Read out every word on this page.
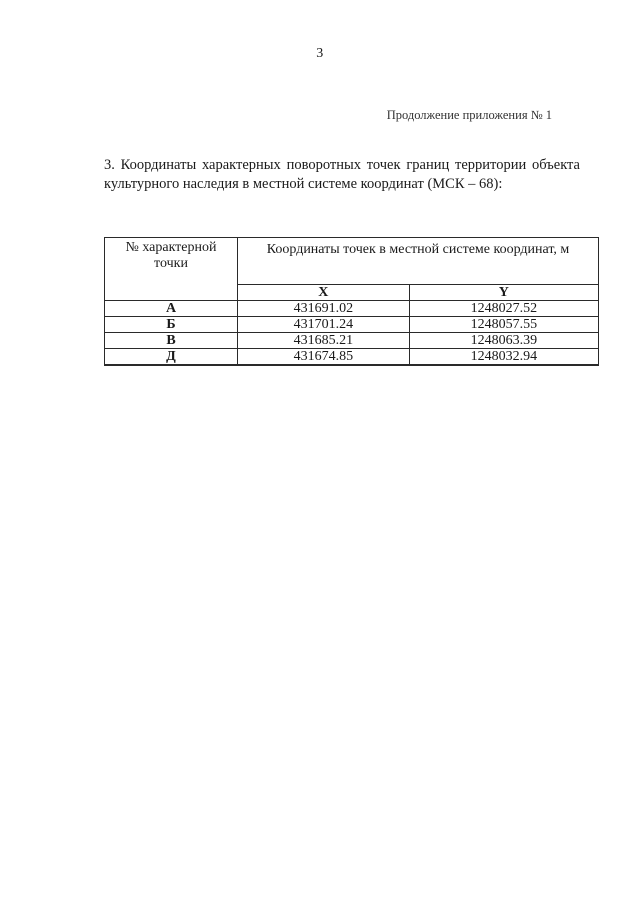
3
Продолжение приложения № 1
3. Координаты характерных поворотных точек границ территории объекта культурного наследия в местной системе координат (МСК – 68):
№ характерной точки	Координаты точек в местной системе координат, м	
	X	Y
А	431691.02	1248027.52
Б	431701.24	1248057.55
В	431685.21	1248063.39
Д	431674.85	1248032.94
